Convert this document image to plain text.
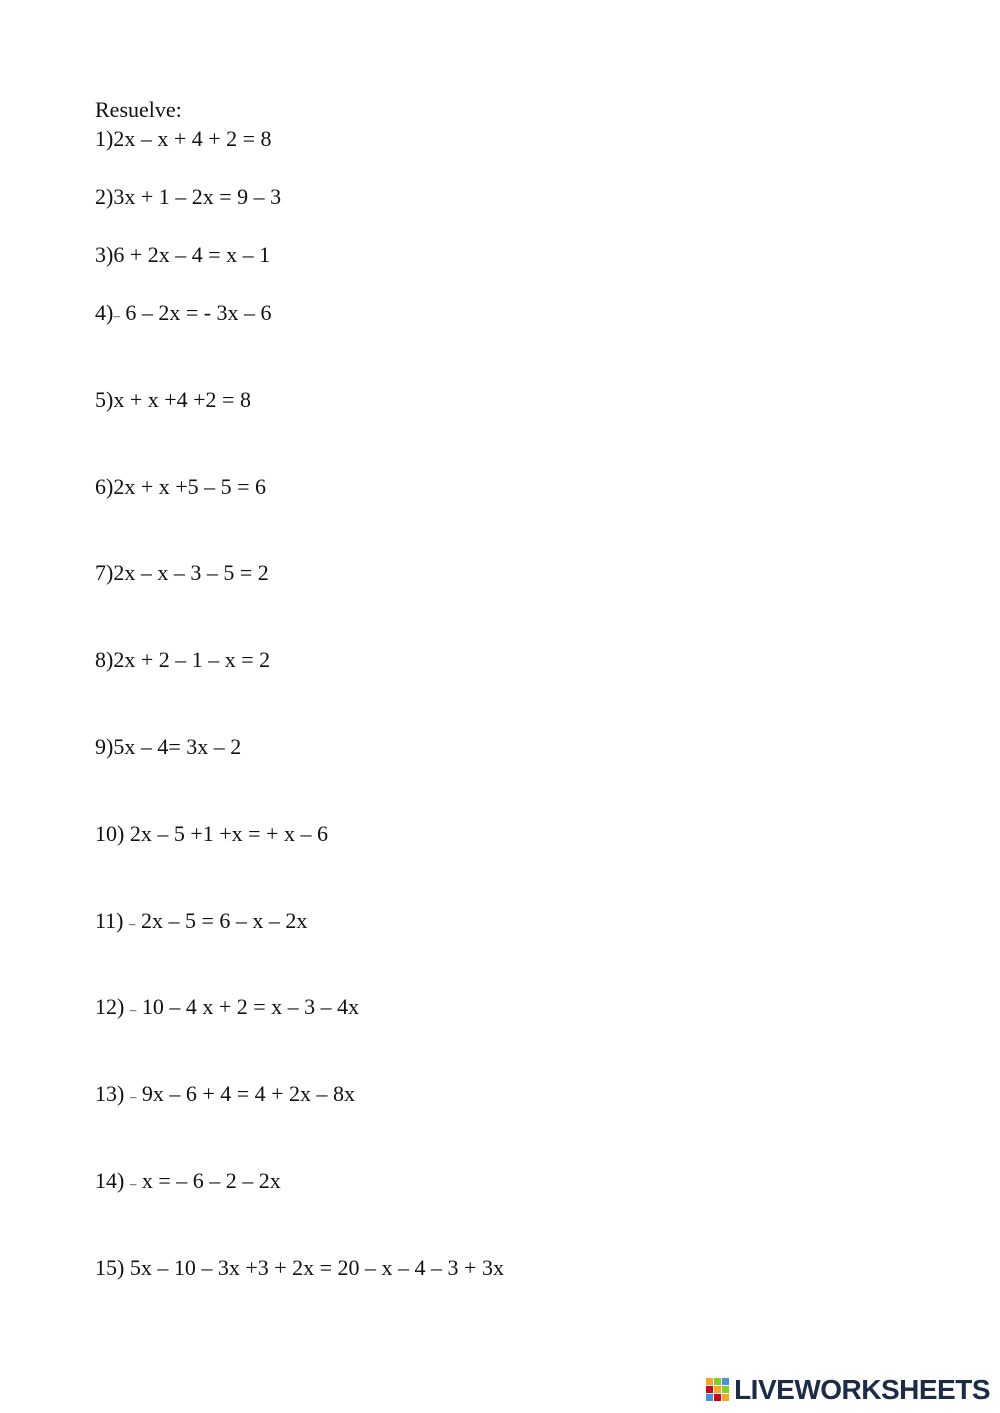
Resuelve:
1)2x – x + 4 + 2 = 8
2)3x + 1 – 2x = 9 – 3
3)6 + 2x – 4 = x – 1
4)– 6 – 2x = - 3x – 6
5)x + x +4 +2 = 8
6)2x + x +5 – 5 = 6
7)2x – x – 3 – 5 = 2
8)2x + 2 – 1 – x = 2
9)5x – 4= 3x – 2
10) 2x – 5 +1 +x = + x – 6
11) – 2x – 5 = 6 – x – 2x
12) – 10 – 4 x + 2 = x – 3 – 4x
13) – 9x – 6 + 4 = 4 + 2x – 8x
14) – x = – 6 – 2 – 2x
15) 5x – 10 – 3x +3 + 2x = 20 – x – 4 – 3 + 3x
LIVEWORKSHEETS
